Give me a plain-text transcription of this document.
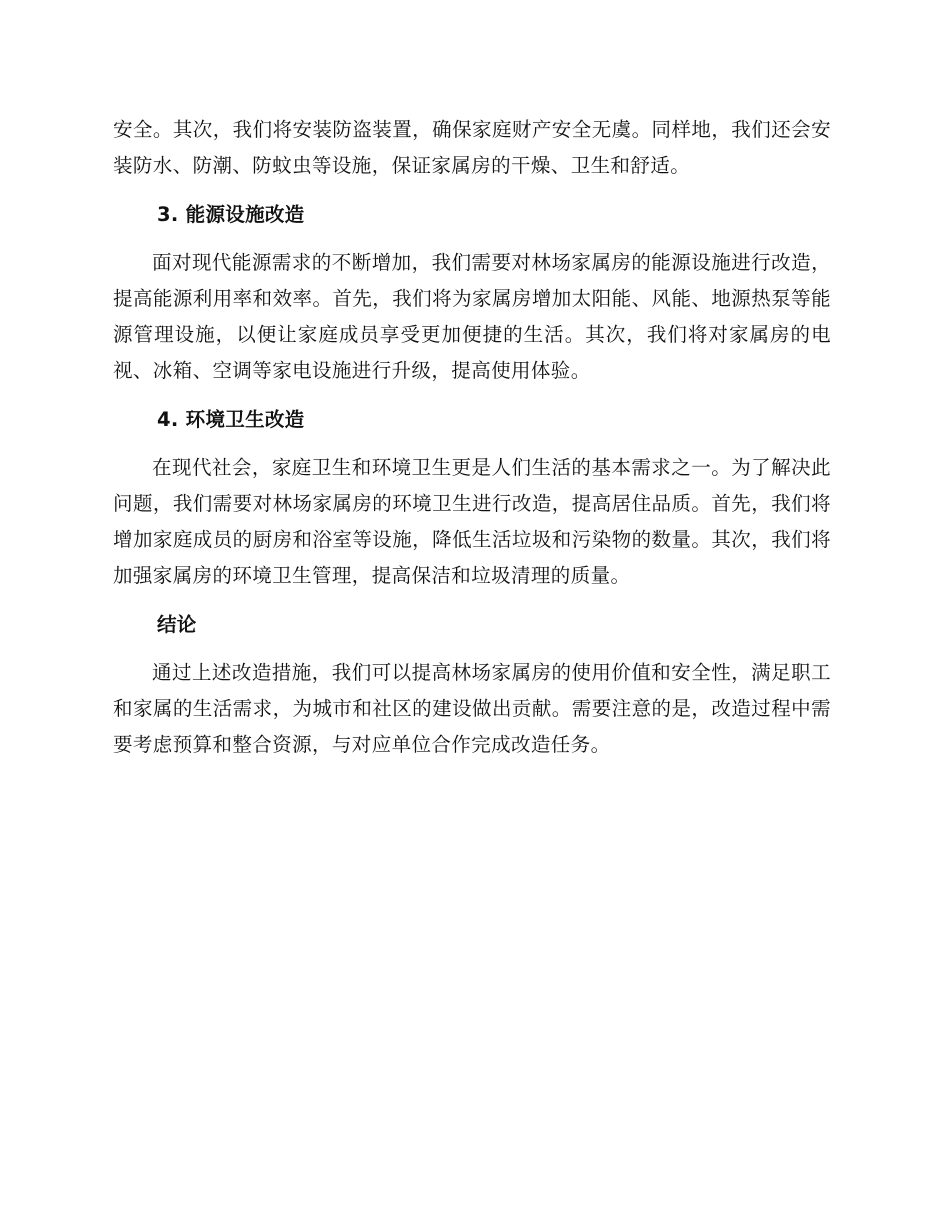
安全。其次，我们将安装防盗装置，确保家庭财产安全无虞。同样地，我们还会安装防水、防潮、防蚊虫等设施，保证家属房的干燥、卫生和舒适。

3. 能源设施改造

面对现代能源需求的不断增加，我们需要对林场家属房的能源设施进行改造，提高能源利用率和效率。首先，我们将为家属房增加太阳能、风能、地源热泵等能源管理设施，以便让家庭成员享受更加便捷的生活。其次，我们将对家属房的电视、冰箱、空调等家电设施进行升级，提高使用体验。

4. 环境卫生改造

在现代社会，家庭卫生和环境卫生更是人们生活的基本需求之一。为了解决此问题，我们需要对林场家属房的环境卫生进行改造，提高居住品质。首先，我们将增加家庭成员的厨房和浴室等设施，降低生活垃圾和污染物的数量。其次，我们将加强家属房的环境卫生管理，提高保洁和垃圾清理的质量。

结论

通过上述改造措施，我们可以提高林场家属房的使用价值和安全性，满足职工和家属的生活需求，为城市和社区的建设做出贡献。需要注意的是，改造过程中需要考虑预算和整合资源，与对应单位合作完成改造任务。
